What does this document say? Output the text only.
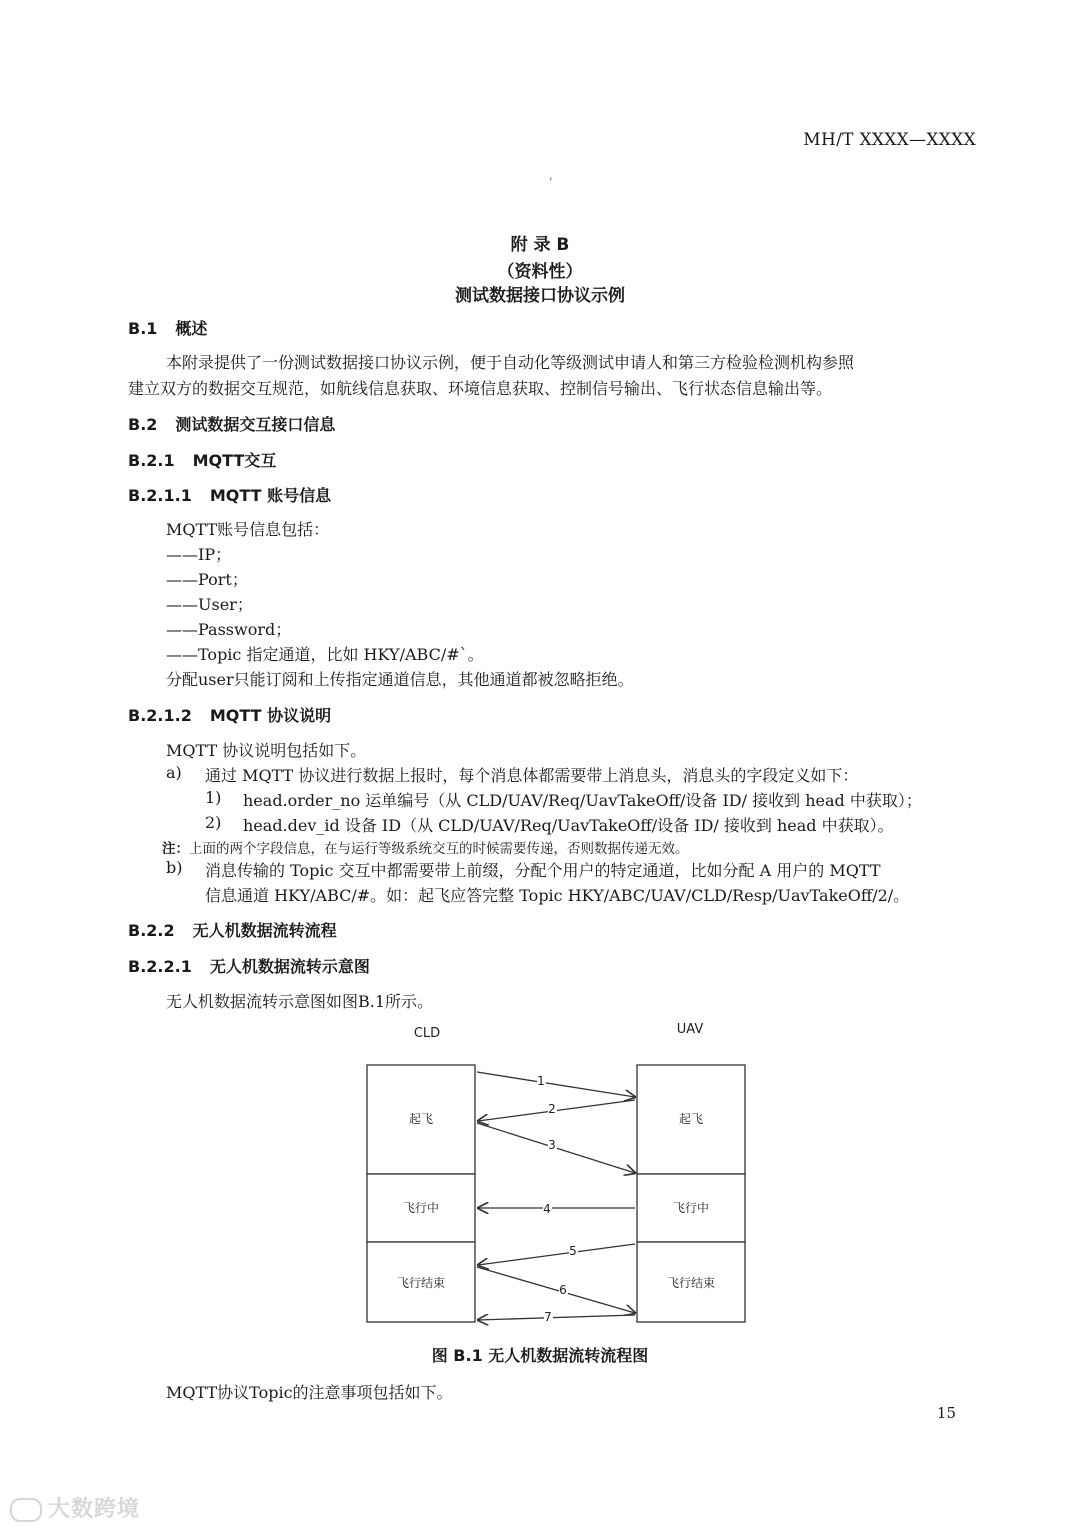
MH/T XXXX—XXXX
,
附 录 B
（资料性）
测试数据接口协议示例
B.1 概述
本附录提供了一份测试数据接口协议示例，便于自动化等级测试申请人和第三方检验检测机构参照
建立双方的数据交互规范，如航线信息获取、环境信息获取、控制信号输出、飞行状态信息输出等。
B.2 测试数据交互接口信息
B.2.1 MQTT交互
B.2.1.1 MQTT 账号信息
MQTT账号信息包括：
——IP；
——Port；
——User；
——Password；
——Topic 指定通道，比如 HKY/ABC/#`。
分配user只能订阅和上传指定通道信息，其他通道都被忽略拒绝。
B.2.1.2 MQTT 协议说明
MQTT 协议说明包括如下。
a) 通过 MQTT 协议进行数据上报时，每个消息体都需要带上消息头，消息头的字段定义如下：
1) head.order_no 运单编号（从 CLD/UAV/Req/UavTakeOff/设备 ID/ 接收到 head 中获取）；
2) head.dev_id 设备 ID（从 CLD/UAV/Req/UavTakeOff/设备 ID/ 接收到 head 中获取）。
注：上面的两个字段信息，在与运行等级系统交互的时候需要传递，否则数据传递无效。
b) 消息传输的 Topic 交互中都需要带上前缀，分配个用户的特定通道，比如分配 A 用户的 MQTT
信息通道 HKY/ABC/#。如：起飞应答完整 Topic HKY/ABC/UAV/CLD/Resp/UavTakeOff/2/。
B.2.2 无人机数据流转流程
B.2.2.1 无人机数据流转示意图
无人机数据流转示意图如图B.1所示。
CLD	UAV
起飞
飞行中
飞行结束
起飞
飞行中
飞行结束
1
2
3
4
5
6
7
图 B.1 无人机数据流转流程图
MQTT协议Topic的注意事项包括如下。
15
大数跨境
